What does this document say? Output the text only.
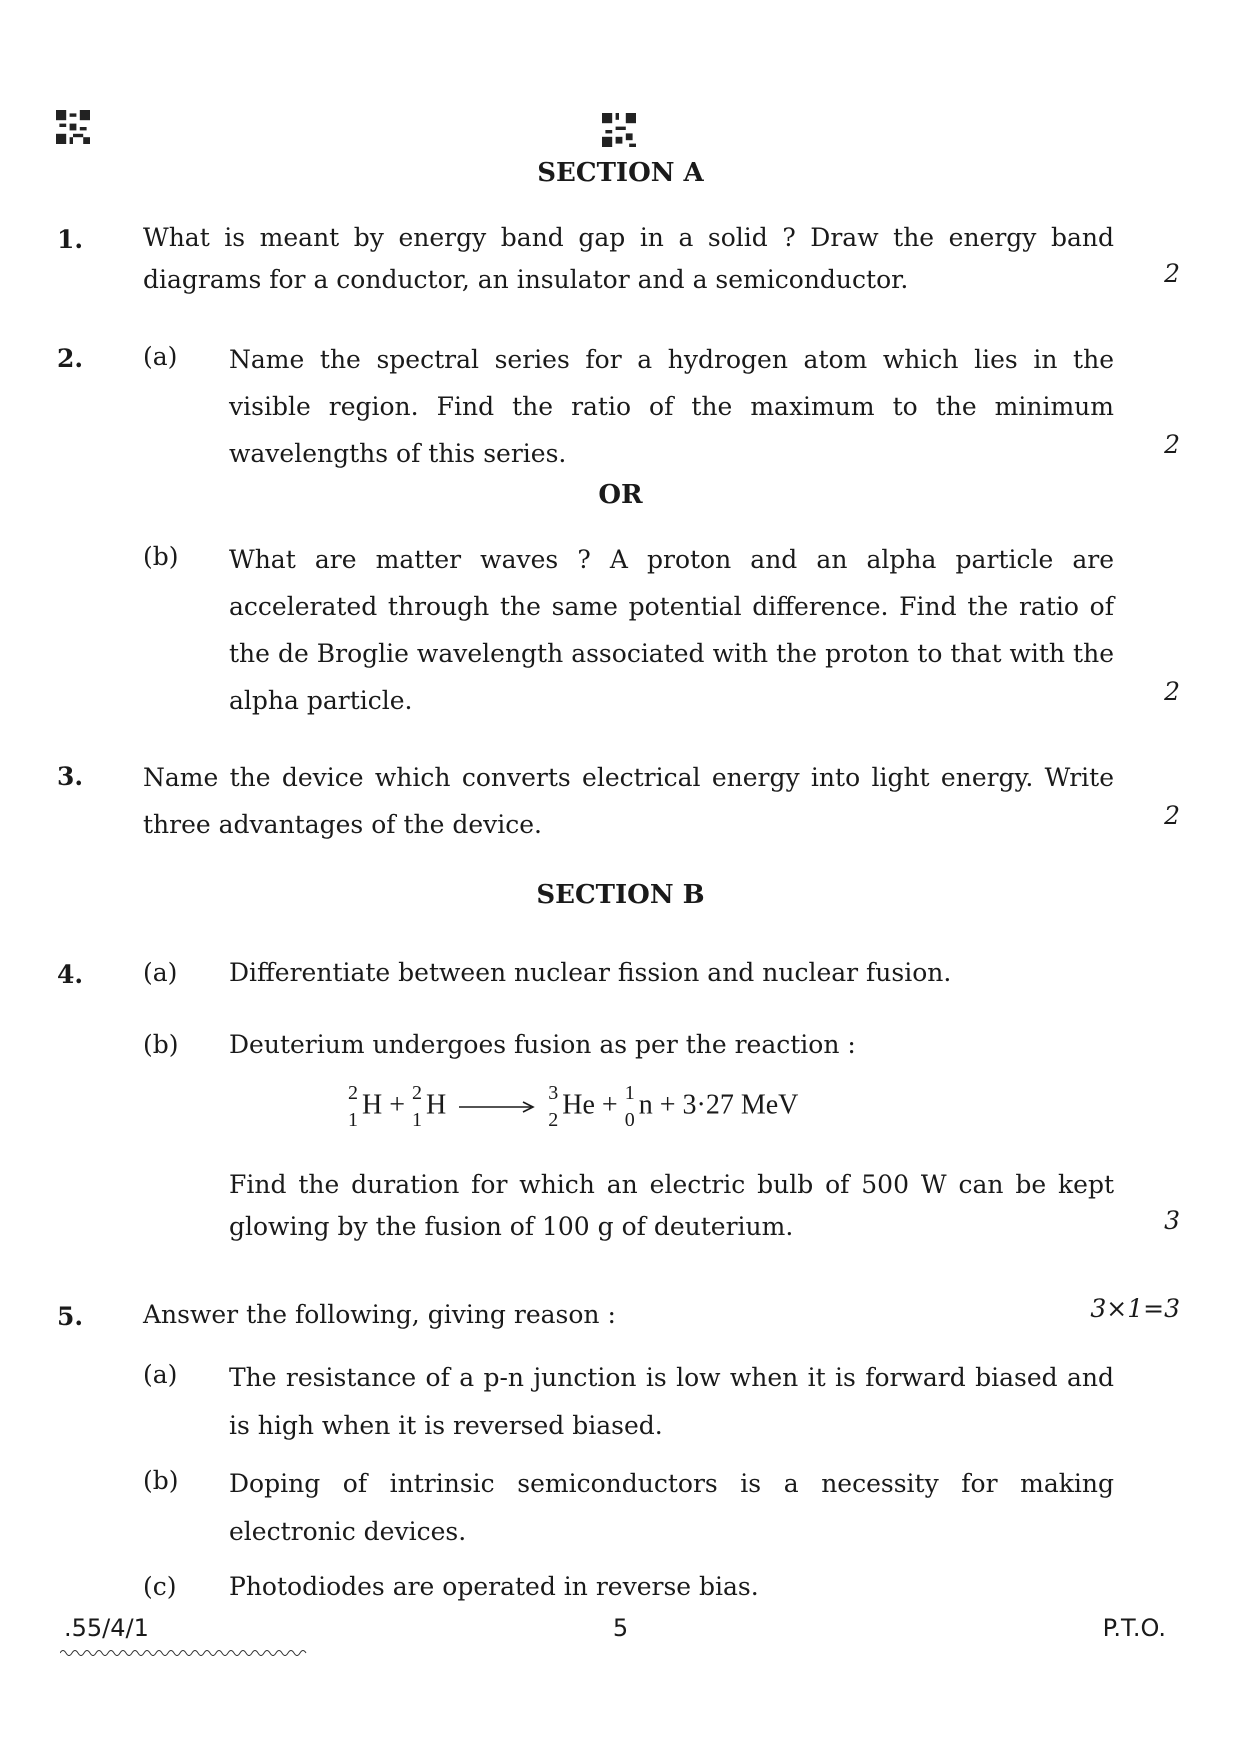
SECTION A
1. What is meant by energy band gap in a solid ? Draw the energy band diagrams for a conductor, an insulator and a semiconductor.	2
2. (a) Name the spectral series for a hydrogen atom which lies in the visible region. Find the ratio of the maximum to the minimum wavelengths of this series.	2
OR
(b) What are matter waves ? A proton and an alpha particle are accelerated through the same potential difference. Find the ratio of the de Broglie wavelength associated with the proton to that with the alpha particle.	2
3. Name the device which converts electrical energy into light energy. Write three advantages of the device.	2
SECTION B
4. (a) Differentiate between nuclear fission and nuclear fusion.
(b) Deuterium undergoes fusion as per the reaction :
2
1 H + 2
1 H →
3
2 He + 1
0 n + 3·27 MeV
Find the duration for which an electric bulb of 500 W can be kept glowing by the fusion of 100 g of deuterium.	3
5. Answer the following, giving reason :	3×1=3
(a) The resistance of a p-n junction is low when it is forward biased and is high when it is reversed biased.
(b) Doping of intrinsic semiconductors is a necessity for making electronic devices.
(c) Photodiodes are operated in reverse bias.
.55/4/1	5	P.T.O.
